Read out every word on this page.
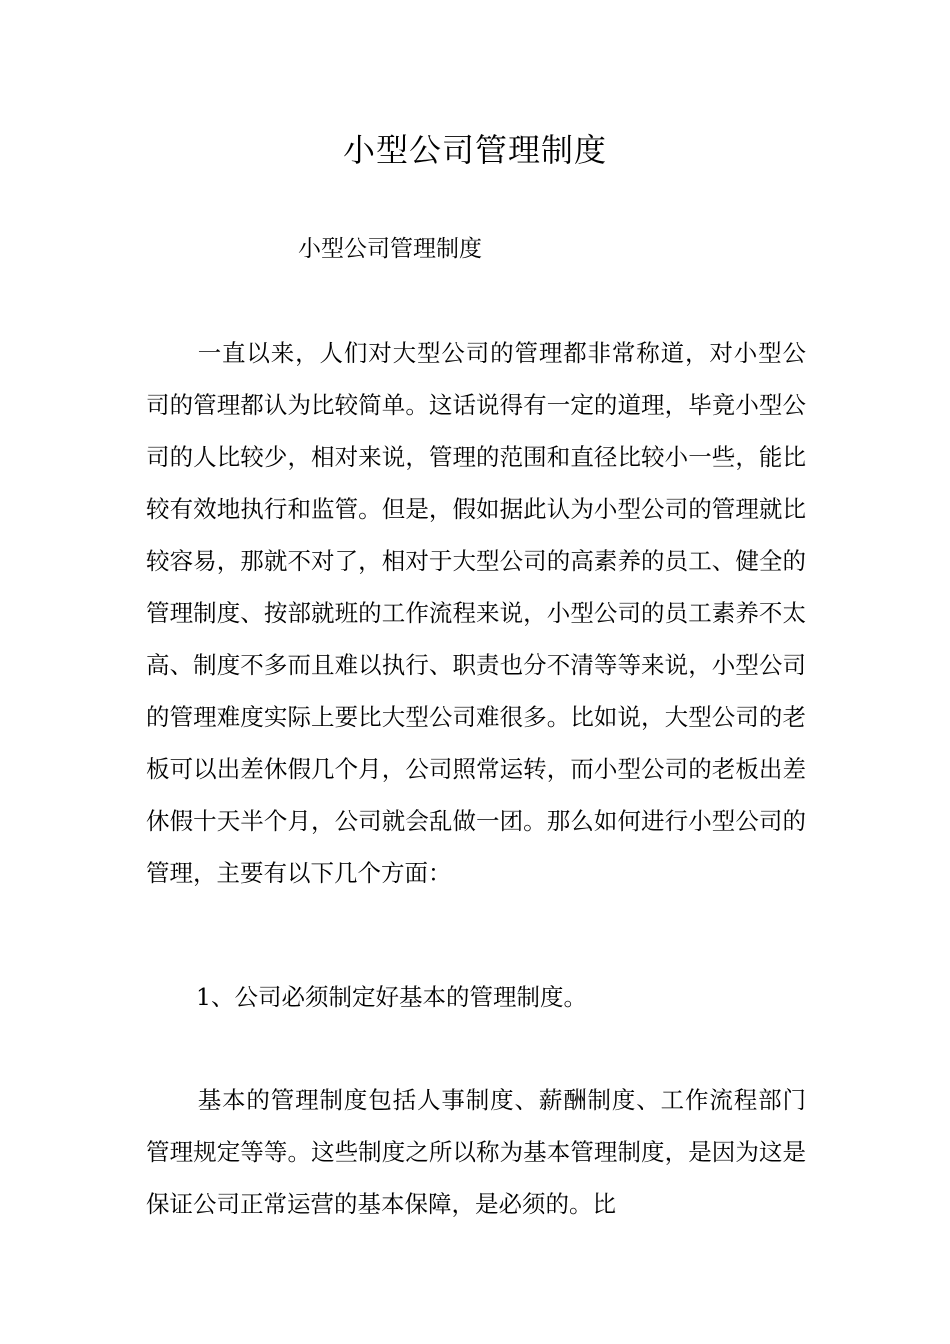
小型公司管理制度

小型公司管理制度

一直以来，人们对大型公司的管理都非常称道，对小型公司的管理都认为比较简单。这话说得有一定的道理，毕竟小型公司的人比较少，相对来说，管理的范围和直径比较小一些，能比较有效地执行和监管。但是，假如据此认为小型公司的管理就比较容易，那就不对了，相对于大型公司的高素养的员工、健全的管理制度、按部就班的工作流程来说，小型公司的员工素养不太高、制度不多而且难以执行、职责也分不清等等来说，小型公司的管理难度实际上要比大型公司难很多。比如说，大型公司的老板可以出差休假几个月，公司照常运转，而小型公司的老板出差休假十天半个月，公司就会乱做一团。那么如何进行小型公司的管理，主要有以下几个方面：

1、公司必须制定好基本的管理制度。

基本的管理制度包括人事制度、薪酬制度、工作流程部门管理规定等等。这些制度之所以称为基本管理制度，是因为这是保证公司正常运营的基本保障，是必须的。比
